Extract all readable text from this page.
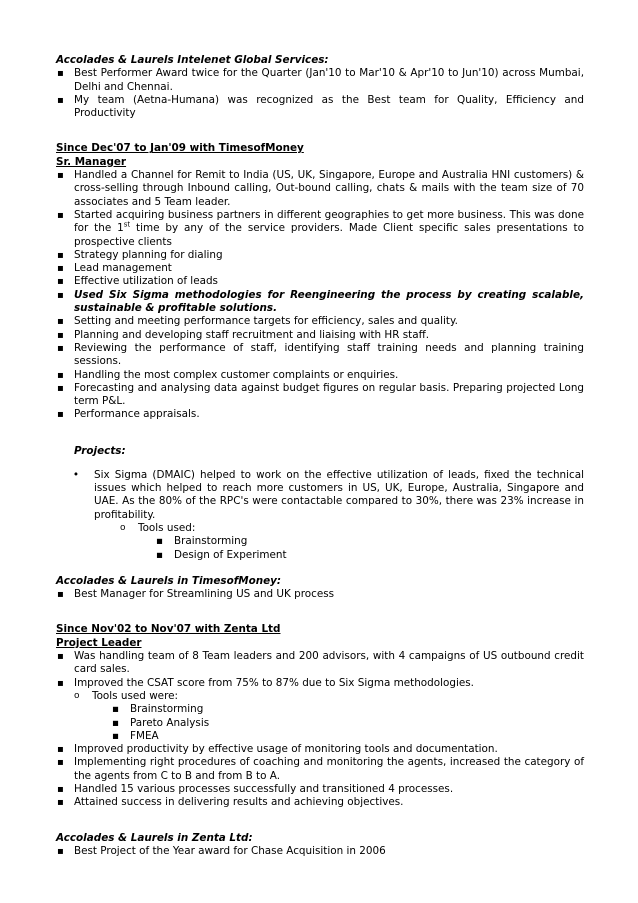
Accolades & Laurels Intelenet Global Services:

▪ Best Performer Award twice for the Quarter (Jan'10 to Mar'10 & Apr'10 to Jun'10) across Mumbai, Delhi and Chennai.
▪ My team (Aetna-Humana) was recognized as the Best team for Quality, Efficiency and Productivity

Since Dec'07 to Jan'09 with TimesofMoney

Sr. Manager

▪ Handled a Channel for Remit to India (US, UK, Singapore, Europe and Australia HNI customers) & cross-selling through Inbound calling, Out-bound calling, chats & mails with the team size of 70 associates and 5 Team leader.
▪ Started acquiring business partners in different geographies to get more business. This was done for the 1st time by any of the service providers. Made Client specific sales presentations to prospective clients
▪ Strategy planning for dialing
▪ Lead management
▪ Effective utilization of leads
▪ Used Six Sigma methodologies for Reengineering the process by creating scalable, sustainable & profitable solutions.
▪ Setting and meeting performance targets for efficiency, sales and quality.
▪ Planning and developing staff recruitment and liaising with HR staff.
▪ Reviewing the performance of staff, identifying staff training needs and planning training sessions.
▪ Handling the most complex customer complaints or enquiries.
▪ Forecasting and analysing data against budget figures on regular basis. Preparing projected Long term P&L.
▪ Performance appraisals.

Projects:

• Six Sigma (DMAIC) helped to work on the effective utilization of leads, fixed the technical issues which helped to reach more customers in US, UK, Europe, Australia, Singapore and UAE. As the 80% of the RPC's were contactable compared to 30%, there was 23% increase in profitability.
o Tools used:
▪ Brainstorming
▪ Design of Experiment

Accolades & Laurels in TimesofMoney:

▪ Best Manager for Streamlining US and UK process

Since Nov'02 to Nov'07 with Zenta Ltd

Project Leader

▪ Was handling team of 8 Team leaders and 200 advisors, with 4 campaigns of US outbound credit card sales.
▪ Improved the CSAT score from 75% to 87% due to Six Sigma methodologies.
o Tools used were:
▪ Brainstorming
▪ Pareto Analysis
▪ FMEA
▪ Improved productivity by effective usage of monitoring tools and documentation.
▪ Implementing right procedures of coaching and monitoring the agents, increased the category of the agents from C to B and from B to A.
▪ Handled 15 various processes successfully and transitioned 4 processes.
▪ Attained success in delivering results and achieving objectives.

Accolades & Laurels in Zenta Ltd:

▪ Best Project of the Year award for Chase Acquisition in 2006
